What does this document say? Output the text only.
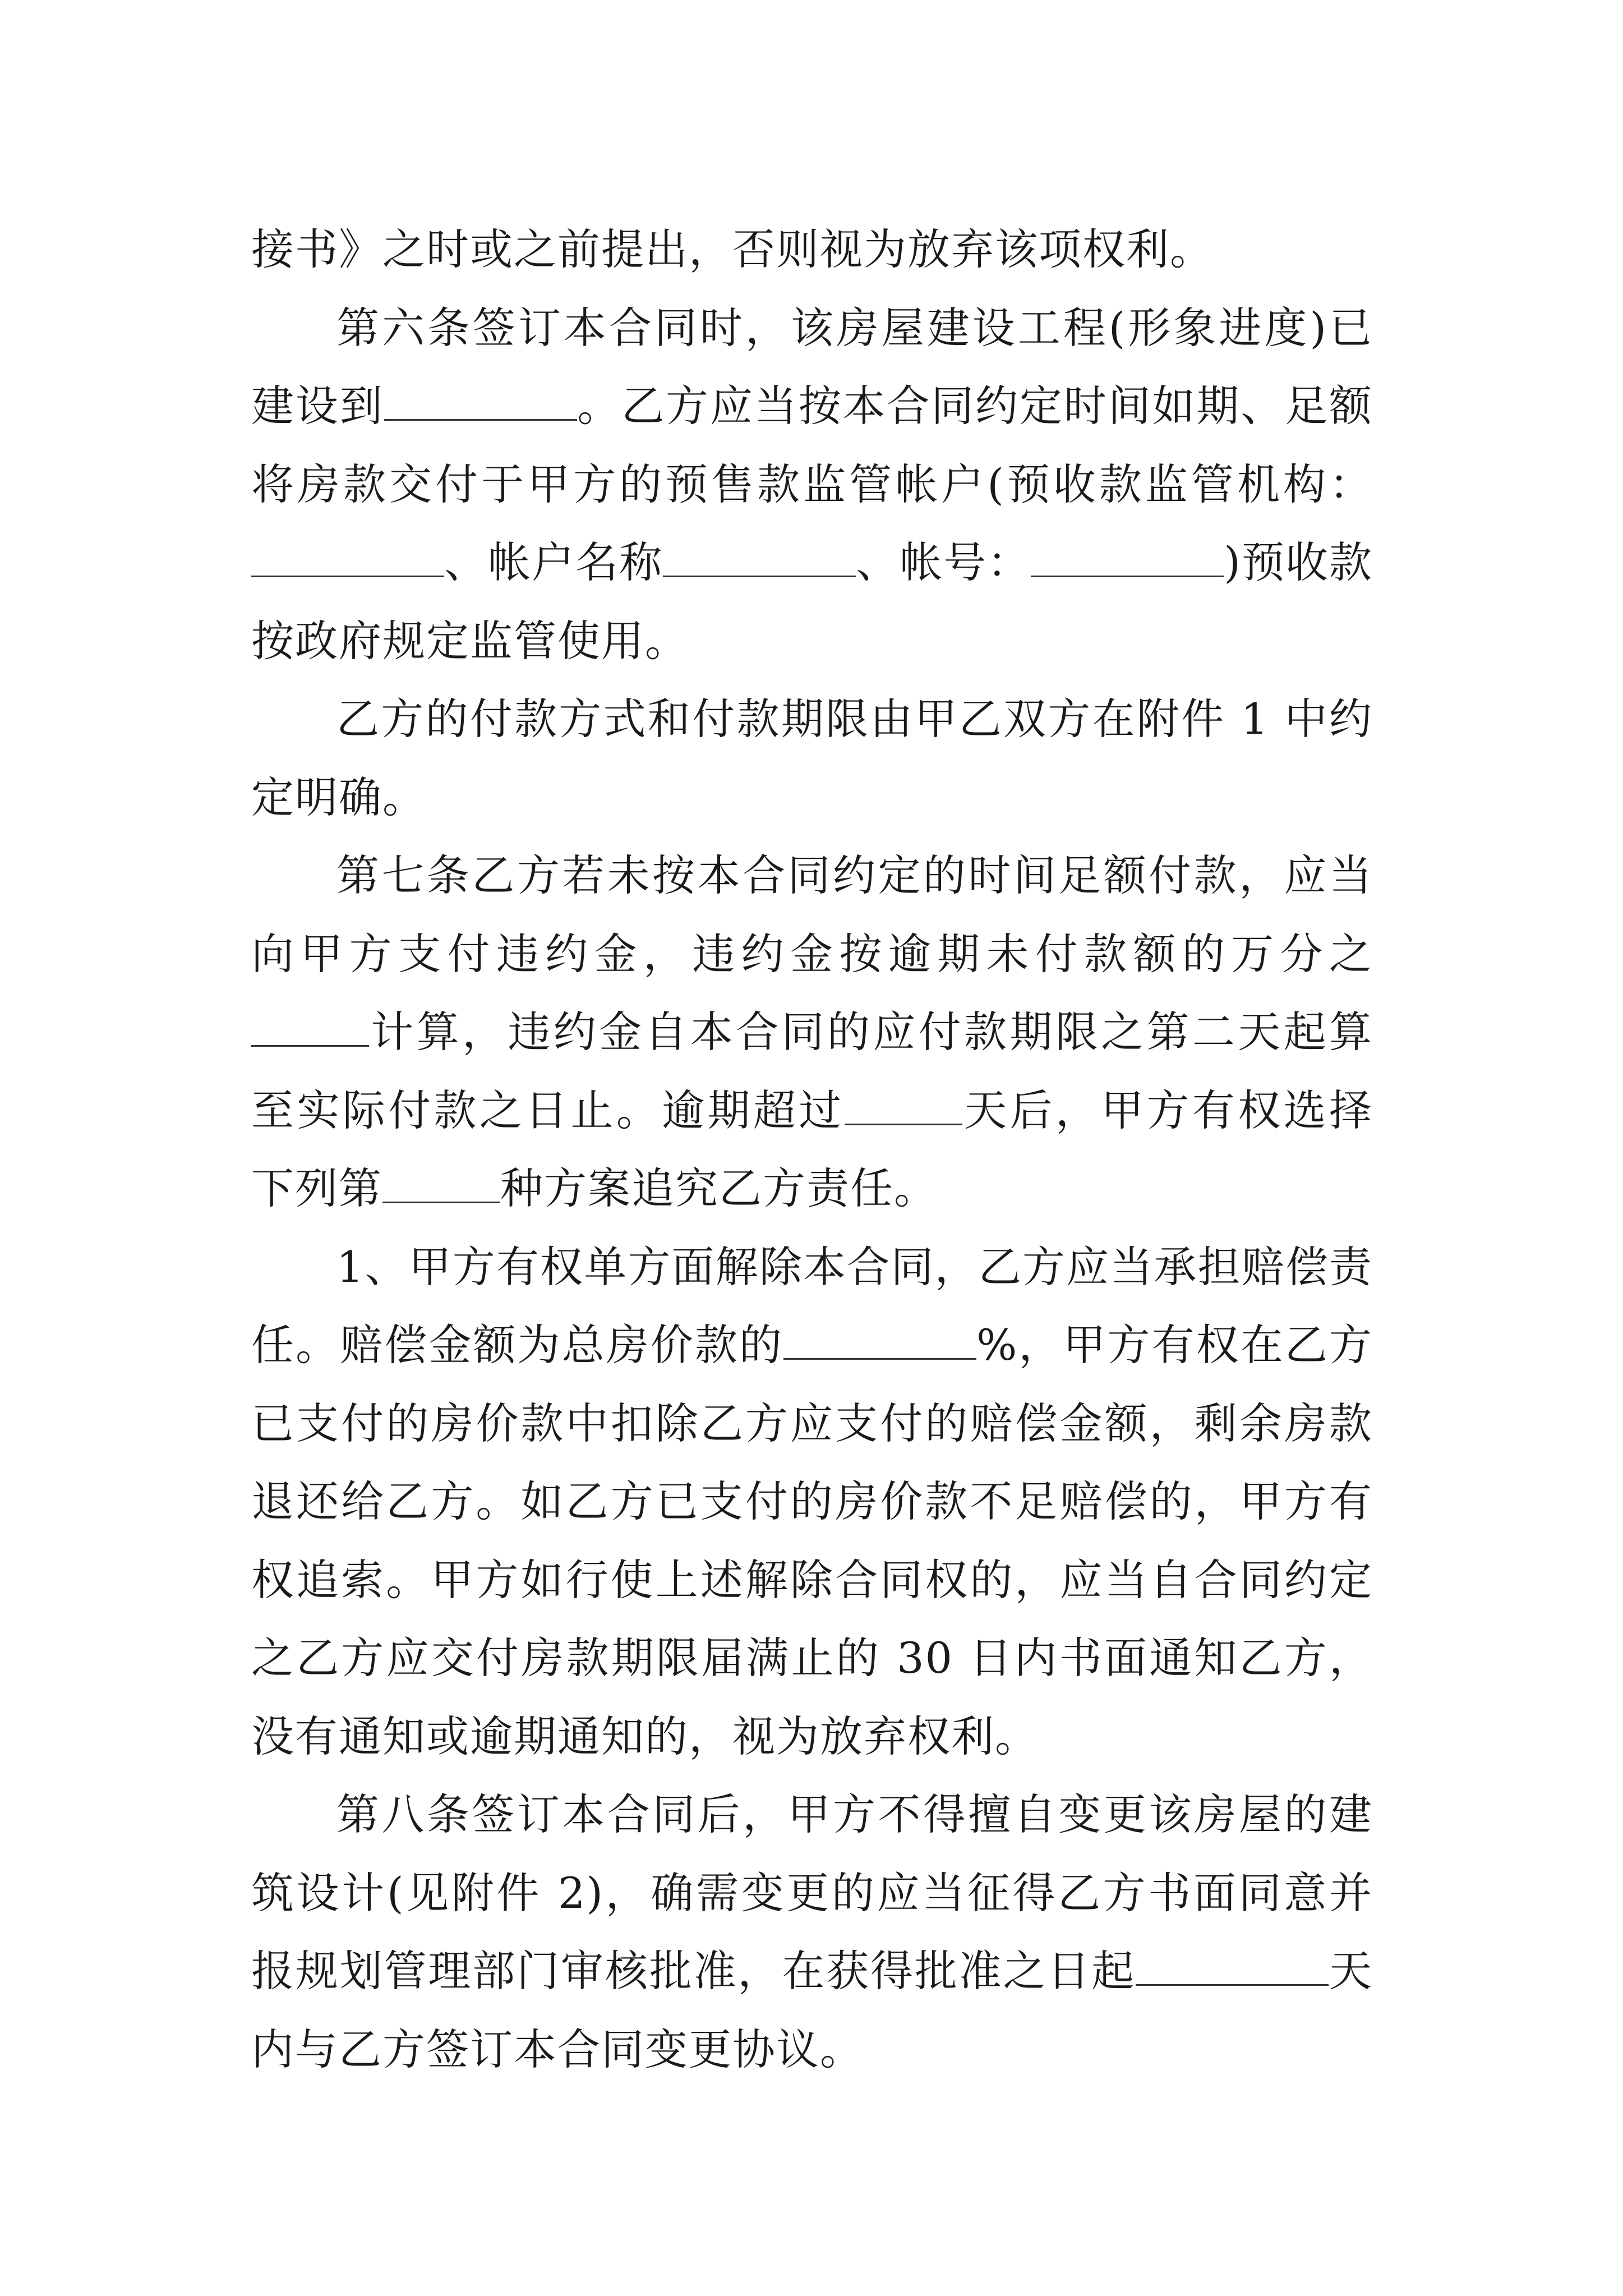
接书》之时或之前提出，否则视为放弃该项权利。

第六条签订本合同时，该房屋建设工程(形象进度)已建设到	。乙方应当按本合同约定时间如期、足额将房款交付于甲方的预售款监管帐户(预收款监管机构：、帐户名称	、帐号：	)预收款按政府规定监管使用。

乙方的付款方式和付款期限由甲乙双方在附件 1 中约定明确。

第七条乙方若未按本合同约定的时间足额付款，应当向甲方支付违约金，违约金按逾期未付款额的万分之计算，违约金自本合同的应付款期限之第二天起算至实际付款之日止。逾期超过	天后，甲方有权选择下列第	种方案追究乙方责任。

1、甲方有权单方面解除本合同，乙方应当承担赔偿责任。赔偿金额为总房价款的	%，甲方有权在乙方已支付的房价款中扣除乙方应支付的赔偿金额，剩余房款退还给乙方。如乙方已支付的房价款不足赔偿的，甲方有权追索。甲方如行使上述解除合同权的，应当自合同约定之乙方应交付房款期限届满止的 30 日内书面通知乙方，没有通知或逾期通知的，视为放弃权利。

第八条签订本合同后，甲方不得擅自变更该房屋的建筑设计(见附件 2)，确需变更的应当征得乙方书面同意并报规划管理部门审核批准，在获得批准之日起	天内与乙方签订本合同变更协议。
